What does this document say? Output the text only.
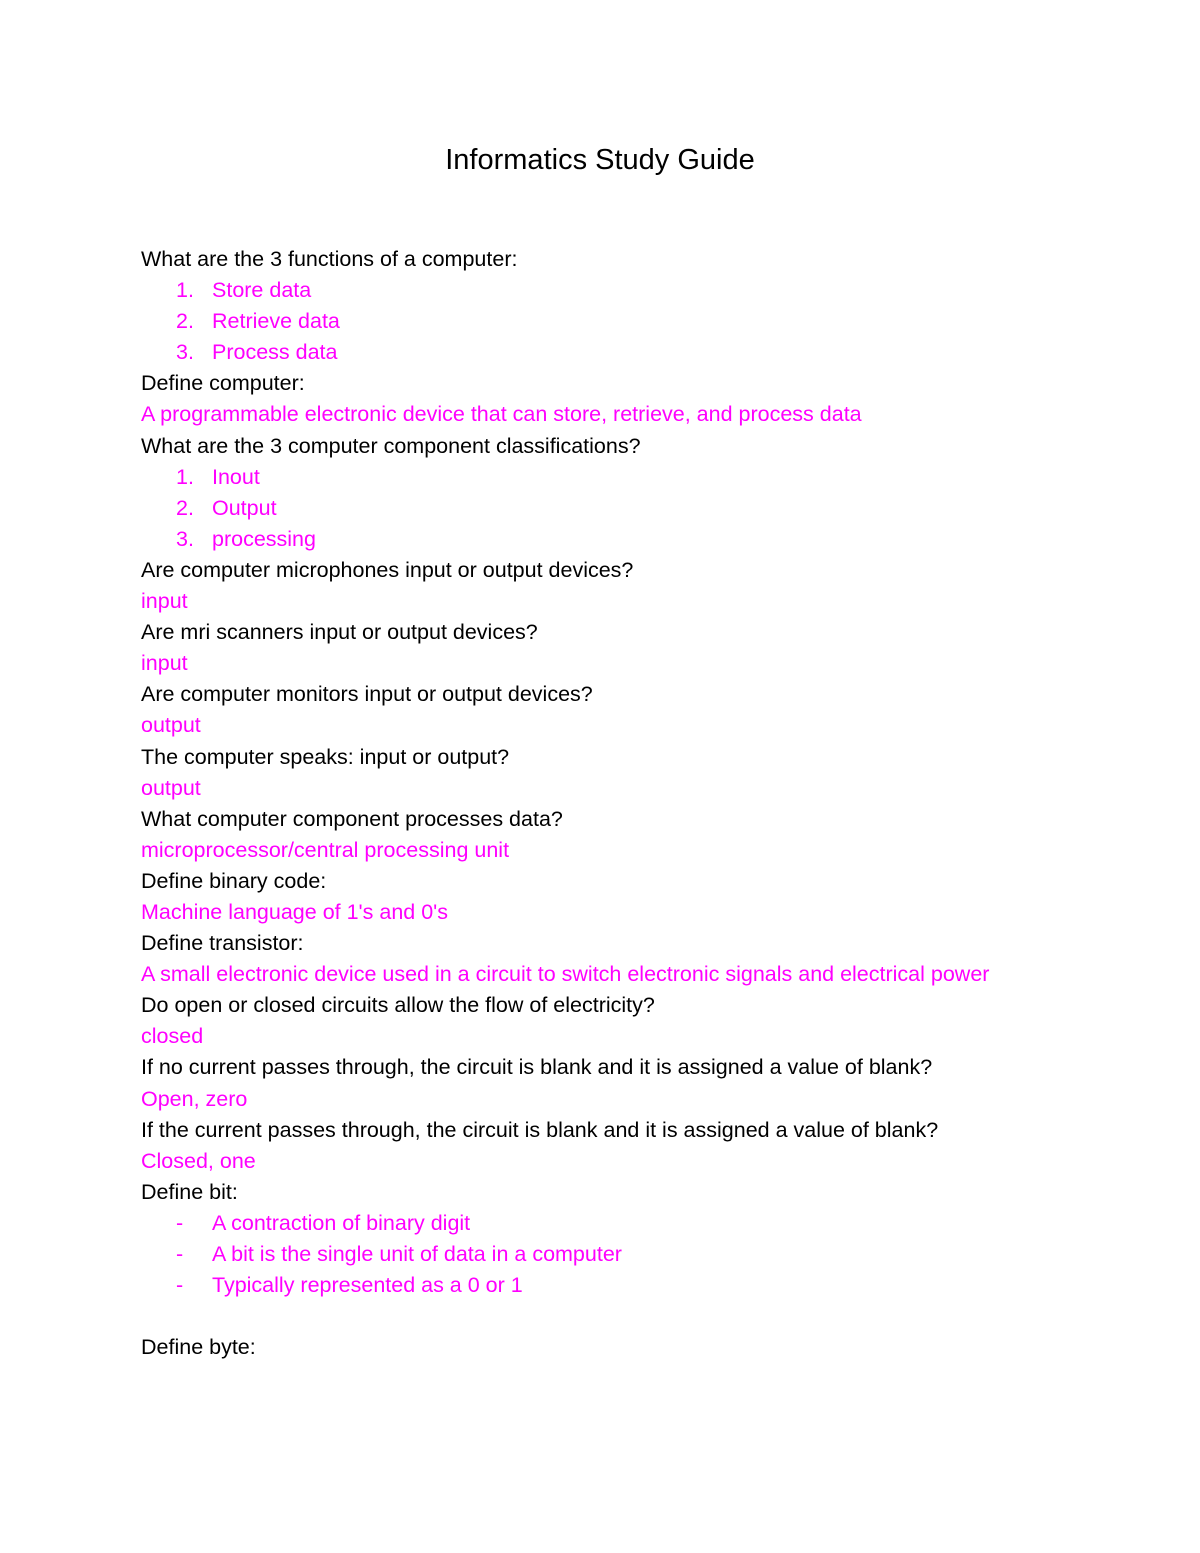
Informatics Study Guide

What are the 3 functions of a computer:

1. Store data

2. Retrieve data

3. Process data

Define computer:

A programmable electronic device that can store, retrieve, and process data

What are the 3 computer component classifications?

1. Inout

2. Output

3. processing

Are computer microphones input or output devices?

input

Are mri scanners input or output devices?

input

Are computer monitors input or output devices?

output

The computer speaks: input or output?

output

What computer component processes data?

microprocessor/central processing unit

Define binary code:

Machine language of 1's and 0's

Define transistor:

A small electronic device used in a circuit to switch electronic signals and electrical power

Do open or closed circuits allow the flow of electricity?

closed

If no current passes through, the circuit is blank and it is assigned a value of blank?

Open, zero

If the current passes through, the circuit is blank and it is assigned a value of blank?

Closed, one

Define bit:

- A contraction of binary digit

- A bit is the single unit of data in a computer

- Typically represented as a 0 or 1

Define byte:
